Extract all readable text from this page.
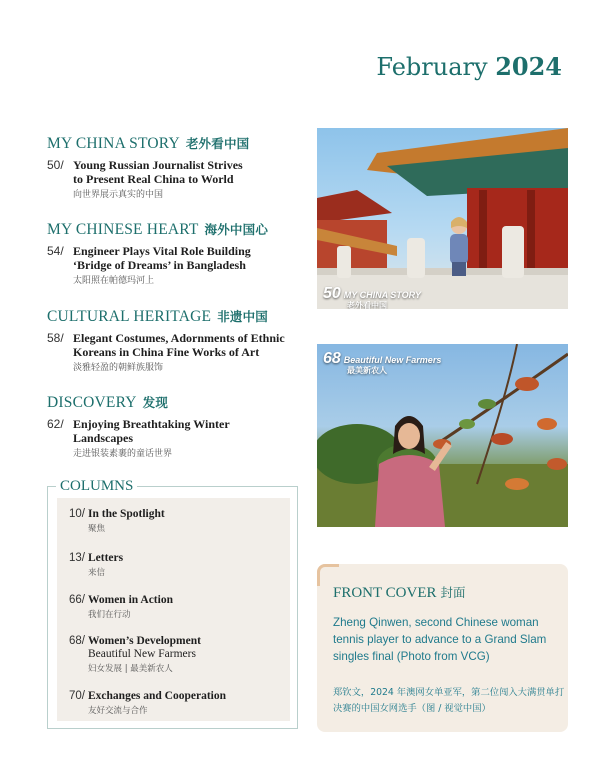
February 2024
MY CHINA STORY 老外看中国
50/ Young Russian Journalist Strives
to Present Real China to World
向世界展示真实的中国
MY CHINESE HEART 海外中国心
54/ Engineer Plays Vital Role Building
‘Bridge of Dreams’ in Bangladesh
太阳照在帕德玛河上
CULTURAL HERITAGE 非遗中国
58/ Elegant Costumes, Adornments of Ethnic
Koreans in China Fine Works of Art
淡雅轻盈的朝鲜族服饰
DISCOVERY 发现
62/ Enjoying Breathtaking Winter
Landscapes
走进银装素裹的童话世界
50 MY CHINA STORY
老外看中国
68 Beautiful New Farmers
最美新农人
COLUMNS
10/ In the Spotlight
聚焦
13/ Letters
来信
66/ Women in Action
我们在行动
68/ Women’s Development
Beautiful New Farmers
妇女发展 | 最美新农人
70/ Exchanges and Cooperation
友好交流与合作
FRONT COVER 封面
Zheng Qinwen, second Chinese woman tennis player to advance to a Grand Slam singles final (Photo from VCG)
郑钦文，2024 年澳网女单亚军，第二位闯入大满贯单打决赛的中国女网选手（图 / 视觉中国）
